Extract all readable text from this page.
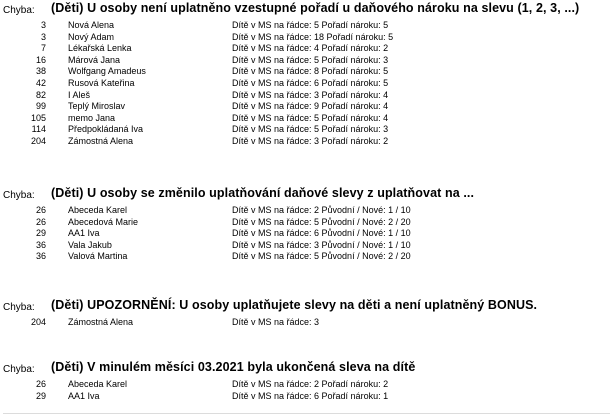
Chyba: (Děti) U osoby není uplatněno vzestupné pořadí u daňového nároku na slevu (1, 2, 3, ...)
3 Nová Alena	Dítě v MS na řádce: 5 Pořadí nároku: 5
3 Nový Adam	Dítě v MS na řádce: 18 Pořadí nároku: 5
7 Lékařská Lenka	Dítě v MS na řádce: 4 Pořadí nároku: 2
16 Márová Jana	Dítě v MS na řádce: 5 Pořadí nároku: 3
38 Wolfgang Amadeus	Dítě v MS na řádce: 8 Pořadí nároku: 5
42 Rusová Kateřina	Dítě v MS na řádce: 6 Pořadí nároku: 5
82 I Aleš	Dítě v MS na řádce: 3 Pořadí nároku: 4
99 Teplý Miroslav	Dítě v MS na řádce: 9 Pořadí nároku: 4
105 memo Jana	Dítě v MS na řádce: 5 Pořadí nároku: 4
114 Předpokládaná Iva	Dítě v MS na řádce: 5 Pořadí nároku: 3
204 Zámostná Alena	Dítě v MS na řádce: 3 Pořadí nároku: 2
Chyba: (Děti) U osoby se změnilo uplatňování daňové slevy z uplatňovat na ...
26 Abeceda Karel	Dítě v MS na řádce: 2 Původní / Nové: 1 / 10
26 Abecedová Marie	Dítě v MS na řádce: 5 Původní / Nové: 2 / 20
29 AA1 Iva	Dítě v MS na řádce: 6 Původní / Nové: 1 / 10
36 Vala Jakub	Dítě v MS na řádce: 3 Původní / Nové: 1 / 10
36 Valová Martina	Dítě v MS na řádce: 5 Původní / Nové: 2 / 20
Chyba: (Děti) UPOZORNĚNÍ: U osoby uplatňujete slevy na děti a není uplatněný BONUS.
204 Zámostná Alena	Dítě v MS na řádce: 3
Chyba: (Děti) V minulém měsíci 03.2021 byla ukončená sleva na dítě
26 Abeceda Karel	Dítě v MS na řádce: 2 Pořadí nároku: 2
29 AA1 Iva	Dítě v MS na řádce: 6 Pořadí nároku: 1
